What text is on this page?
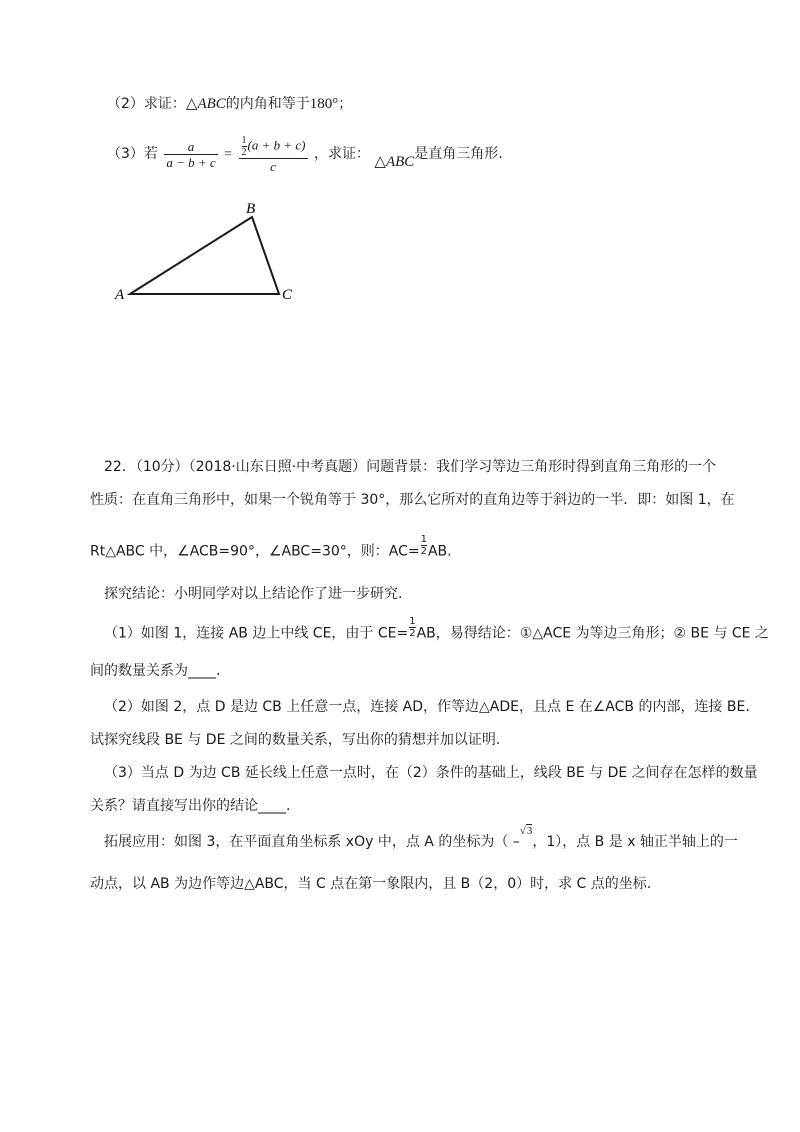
（2）求证：△ABC的内角和等于180°；
（3）若 $\frac{a}{a - b + c} = \frac{\frac{1}{2} (a + b + c)}{c}$ ，求证： △ABC是直角三角形.
A
B
C
22．（10分）（2018·山东日照·中考真题）问题背景：我们学习等边三角形时得到直角三角形的一个
性质：在直角三角形中，如果一个锐角等于 30°，那么它所对的直角边等于斜边的一半．即：如图 1，在
Rt△ABC 中，∠ACB=90°，∠ABC=30°，则：$AC= \frac{1}{2}$ AB.
探究结论：小明同学对以上结论作了进一步研究.
（1）如图 1，连接 AB 边上中线 CE，由于 $CE= \frac{1}{2}$ AB，易得结论：①△ACE 为等边三角形；② BE 与 CE 之
间的数量关系为____.
（2）如图 2，点 D 是边 CB 上任意一点，连接 AD，作等边△ADE，且点 E 在∠ACB 的内部，连接 BE.
试探究线段 BE 与 DE 之间的数量关系，写出你的猜想并加以证明.
（3）当点 D 为边 CB 延长线上任意一点时，在（2）条件的基础上，线段 BE 与 DE 之间存在怎样的数量
关系？请直接写出你的结论____.
拓展应用：如图 3，在平面直角坐标系 xOy 中，点 A 的坐标为（ –√3，1），点 B 是 x 轴正半轴上的一
动点，以 AB 为边作等边△ABC，当 C 点在第一象限内，且 B（2，0）时，求 C 点的坐标.
